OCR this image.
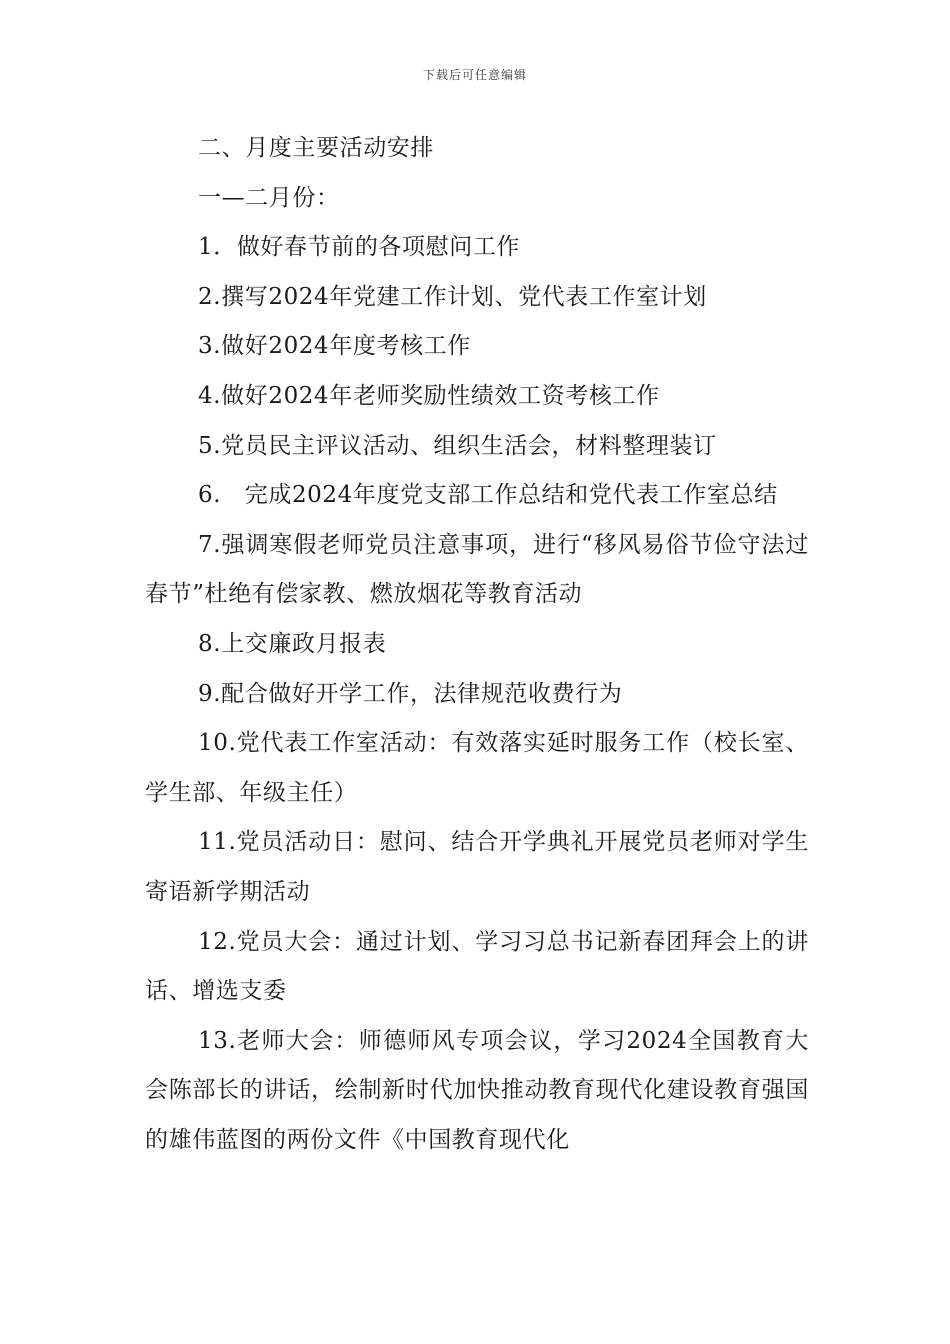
下载后可任意编辑

二、月度主要活动安排

一—二月份：

1．做好春节前的各项慰问工作

2.撰写2024年党建工作计划、党代表工作室计划

3.做好2024年度考核工作

4.做好2024年老师奖励性绩效工资考核工作

5.党员民主评议活动、组织生活会，材料整理装订

6.　完成2024年度党支部工作总结和党代表工作室总结

7.强调寒假老师党员注意事项，进行“移风易俗节俭守法过春节”杜绝有偿家教、燃放烟花等教育活动

8.上交廉政月报表

9.配合做好开学工作，法律规范收费行为

10.党代表工作室活动：有效落实延时服务工作（校长室、学生部、年级主任）

11.党员活动日：慰问、结合开学典礼开展党员老师对学生寄语新学期活动

12.党员大会：通过计划、学习习总书记新春团拜会上的讲话、增选支委

13.老师大会：师德师风专项会议，学习2024全国教育大会陈部长的讲话，绘制新时代加快推动教育现代化建设教育强国的雄伟蓝图的两份文件《中国教育现代化
